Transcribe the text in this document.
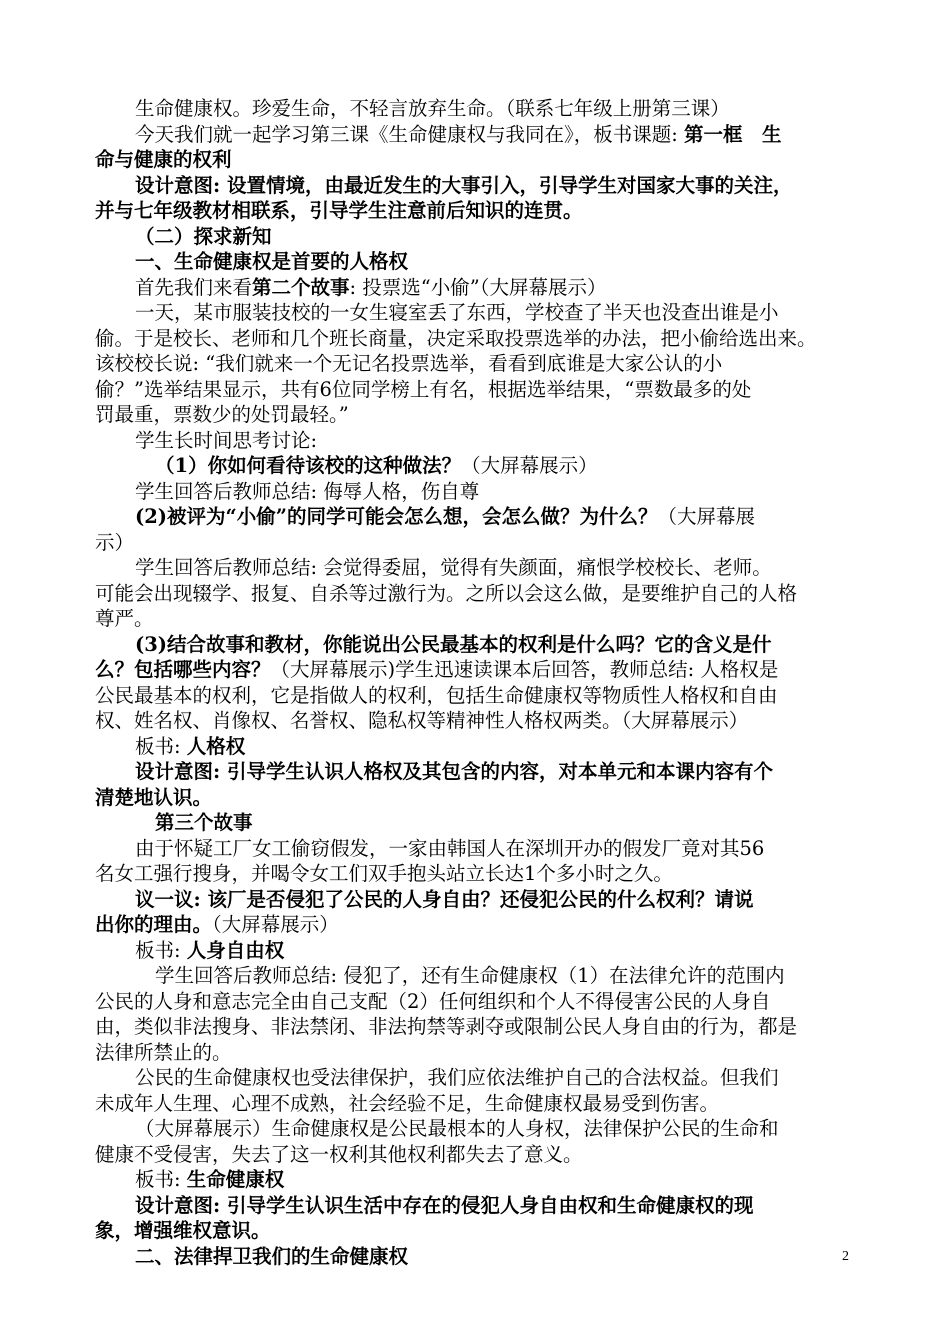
生命健康权。珍爱生命，不轻言放弃生命。（联系七年级上册第三课）
今天我们就一起学习第三课《生命健康权与我同在》，板书课题: 第一框　生
命与健康的权利
设计意图: 设置情境，由最近发生的大事引入，引导学生对国家大事的关注，
并与七年级教材相联系，引导学生注意前后知识的连贯。
（二）探求新知
一、生命健康权是首要的人格权
首先我们来看第二个故事: 投票选“小偷”（大屏幕展示）
一天，某市服装技校的一女生寝室丢了东西，学校查了半天也没查出谁是小
偷。于是校长、老师和几个班长商量，决定采取投票选举的办法，把小偷给选出来。
该校校长说: “我们就来一个无记名投票选举，看看到底谁是大家公认的小
偷？”选举结果显示，共有6位同学榜上有名，根据选举结果，“票数最多的处
罚最重，票数少的处罚最轻。”
学生长时间思考讨论:
（1）你如何看待该校的这种做法？（大屏幕展示）
学生回答后教师总结: 侮辱人格，伤自尊
(2)被评为“小偷”的同学可能会怎么想，会怎么做？为什么？（大屏幕展
示）
学生回答后教师总结: 会觉得委屈，觉得有失颜面，痛恨学校校长、老师。
可能会出现辍学、报复、自杀等过激行为。之所以会这么做，是要维护自己的人格
尊严。
(3)结合故事和教材，你能说出公民最基本的权利是什么吗？它的含义是什
么？包括哪些内容？（大屏幕展示)学生迅速读课本后回答，教师总结: 人格权是
公民最基本的权利，它是指做人的权利，包括生命健康权等物质性人格权和自由
权、姓名权、肖像权、名誉权、隐私权等精神性人格权两类。（大屏幕展示）
板书: 人格权
设计意图: 引导学生认识人格权及其包含的内容，对本单元和本课内容有个
清楚地认识。
第三个故事
由于怀疑工厂女工偷窃假发，一家由韩国人在深圳开办的假发厂竟对其56
名女工强行搜身，并喝令女工们双手抱头站立长达1个多小时之久。
议一议: 该厂是否侵犯了公民的人身自由？还侵犯公民的什么权利？请说
出你的理由。（大屏幕展示）
板书: 人身自由权
学生回答后教师总结: 侵犯了，还有生命健康权（1）在法律允许的范围内
公民的人身和意志完全由自己支配（2）任何组织和个人不得侵害公民的人身自
由，类似非法搜身、非法禁闭、非法拘禁等剥夺或限制公民人身自由的行为，都是
法律所禁止的。
公民的生命健康权也受法律保护，我们应依法维护自己的合法权益。但我们
未成年人生理、心理不成熟，社会经验不足，生命健康权最易受到伤害。
（大屏幕展示）生命健康权是公民最根本的人身权，法律保护公民的生命和
健康不受侵害，失去了这一权利其他权利都失去了意义。
板书: 生命健康权
设计意图: 引导学生认识生活中存在的侵犯人身自由权和生命健康权的现
象，增强维权意识。
二、法律捍卫我们的生命健康权	2
